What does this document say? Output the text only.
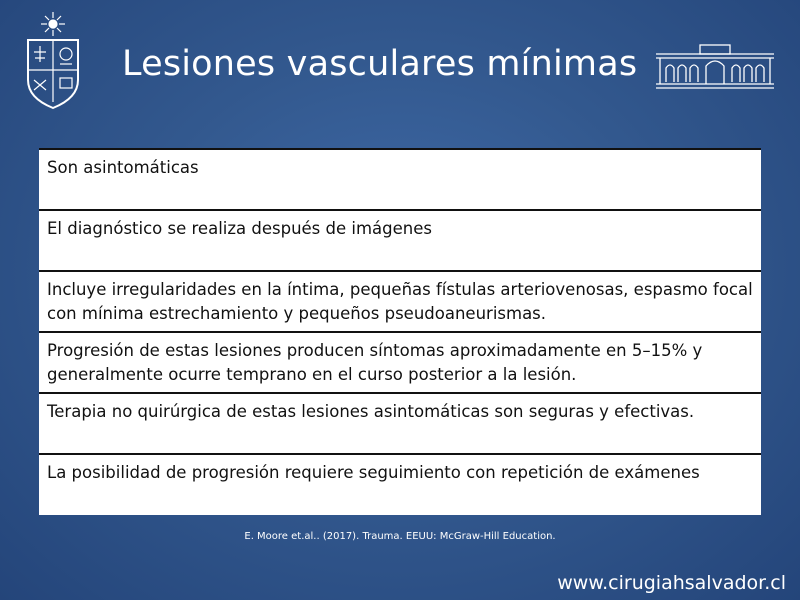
Lesiones vasculares mínimas
Son asintomáticas
El diagnóstico se realiza después de imágenes
Incluye irregularidades en la íntima, pequeñas fístulas arteriovenosas, espasmo focal con mínima estrechamiento y pequeños pseudoaneurismas.
Progresión de estas lesiones producen síntomas aproximadamente en 5–15% y generalmente ocurre temprano en el curso posterior a la lesión.
Terapia no quirúrgica de estas lesiones asintomáticas son seguras y efectivas.
La posibilidad de progresión requiere seguimiento con repetición de exámenes
E. Moore et.al.. (2017). Trauma. EEUU: McGraw-Hill Education.
www.cirugiahsalvador.cl
